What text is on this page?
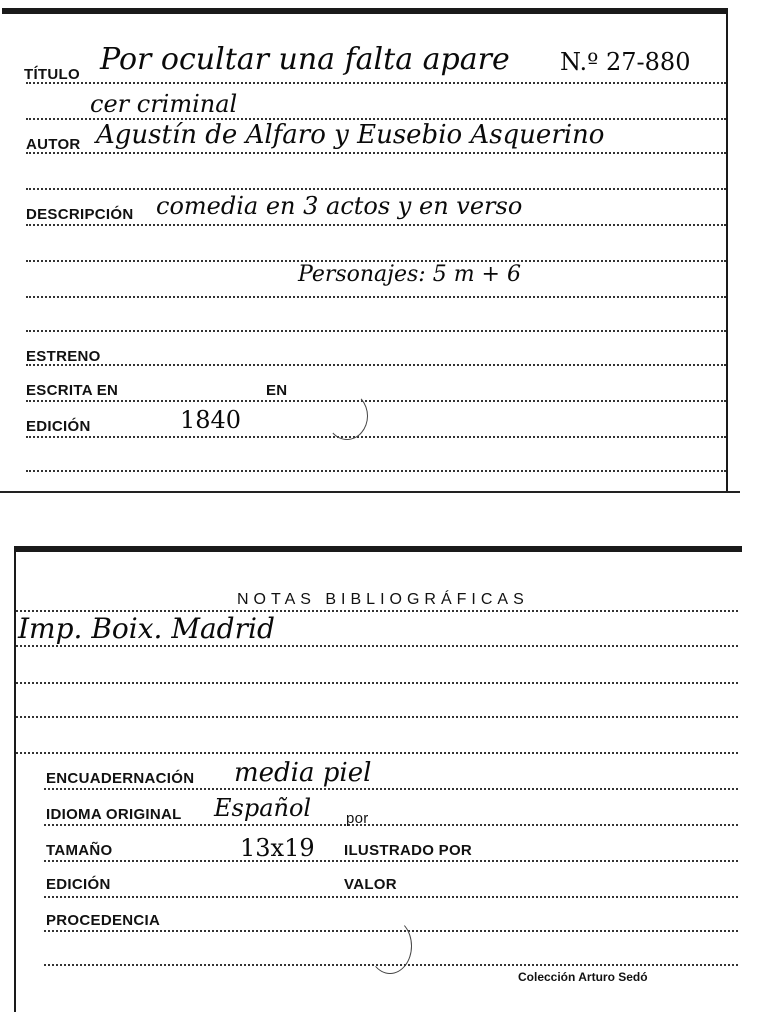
TÍTULO Por ocultar una falta apare N.º 27-880
cer criminal
AUTOR Agustín de Alfaro y Eusebio Asquerino
DESCRIPCIÓN comedia en 3 actos y en verso
Personajes: 5 m + 6
ESTRENO
ESCRITA EN	EN
EDICIÓN	1840
NOTAS BIBLIOGRÁFICAS
Imp. Boix. Madrid
ENCUADERNACIÓN media piel
IDIOMA ORIGINAL Español por
TAMAÑO	13x19 ILUSTRADO POR
EDICIÓN	VALOR
PROCEDENCIA
Colección Arturo Sedó
